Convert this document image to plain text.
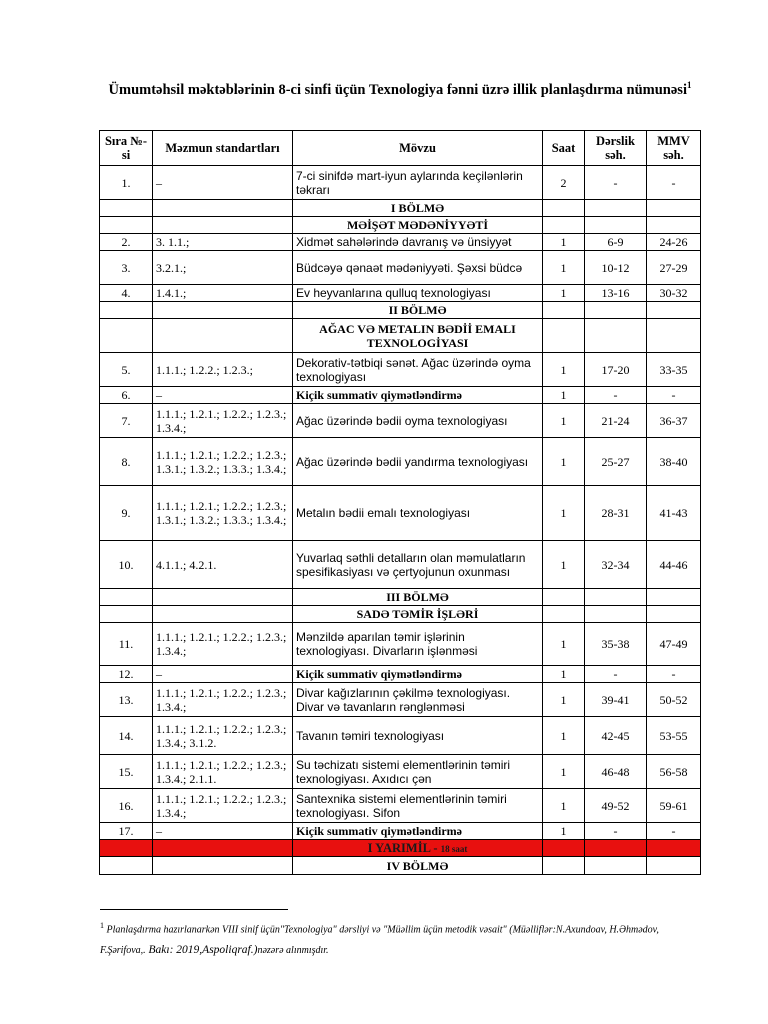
Ümumtəhsil məktəblərinin 8-ci sinfi üçün Texnologiya fənni üzrə illik planlaşdırma nümunəsi$^1$
Sıra №-si	Məzmun standartları	Mövzu	Saat	Dərslik səh.	MMV səh.
1.	–	7-ci sinifdə mart-iyun aylarında keçilənlərin təkrarı	2	-	-
		I BÖLMƏ			
		MƏİŞƏT MƏDƏNİYYƏTİ			
2.	3. 1.1.;	Xidmət sahələrində davranış və ünsiyyət	1	6-9	24-26
3.	3.2.1.;	Büdcəyə qənaət mədəniyyəti. Şəxsi büdcə	1	10-12	27-29
4.	1.4.1.;	Ev heyvanlarına qulluq texnologiyası	1	13-16	30-32
		II BÖLMƏ			
		AĞAC VƏ METALIN BƏDİİ EMALI TEXNOLOGİYASI			
5.	1.1.1.; 1.2.2.; 1.2.3.;	Dekorativ-tətbiqi sənət. Ağac üzərində oyma texnologiyası	1	17-20	33-35
6.	–	Kiçik summativ qiymətləndirmə	1	-	-
7.	1.1.1.; 1.2.1.; 1.2.2.; 1.2.3.; 1.3.4.;	Ağac üzərində bədii oyma texnologiyası	1	21-24	36-37
8.	1.1.1.; 1.2.1.; 1.2.2.; 1.2.3.; 1.3.1.; 1.3.2.; 1.3.3.; 1.3.4.;	Ağac üzərində bədii yandırma texnologiyası	1	25-27	38-40
9.	1.1.1.; 1.2.1.; 1.2.2.; 1.2.3.; 1.3.1.; 1.3.2.; 1.3.3.; 1.3.4.;	Metalın bədii emalı texnologiyası	1	28-31	41-43
10.	4.1.1.; 4.2.1.	Yuvarlaq səthli detalların olan məmulatların spesifikasiyası və çertyojunun oxunması	1	32-34	44-46
		III BÖLMƏ			
		SADƏ TƏMİR İŞLƏRİ			
11.	1.1.1.; 1.2.1.; 1.2.2.; 1.2.3.; 1.3.4.;	Mənzildə aparılan təmir işlərinin texnologiyası. Divarların işlənməsi	1	35-38	47-49
12.	–	Kiçik summativ qiymətləndirmə	1	-	-
13.	1.1.1.; 1.2.1.; 1.2.2.; 1.2.3.; 1.3.4.;	Divar kağızlarının çəkilmə texnologiyası. Divar və tavanların rənglənməsi	1	39-41	50-52
14.	1.1.1.; 1.2.1.; 1.2.2.; 1.2.3.; 1.3.4.; 3.1.2.	Tavanın təmiri texnologiyası	1	42-45	53-55
15.	1.1.1.; 1.2.1.; 1.2.2.; 1.2.3.; 1.3.4.; 2.1.1.	Su təchizatı sistemi elementlərinin təmiri texnologiyası. Axıdıcı çən	1	46-48	56-58
16.	1.1.1.; 1.2.1.; 1.2.2.; 1.2.3.; 1.3.4.;	Santexnika sistemi elementlərinin təmiri texnologiyası. Sifon	1	49-52	59-61
17.	–	Kiçik summativ qiymətləndirmə	1	-	-
		I YARIMİL - 18 saat			
		IV BÖLMƏ			
$^1$ Planlaşdırma hazırlanarkən VIII sinif üçün"Texnologiya" dərsliyi və "Müəllim üçün metodik vəsait" (Müəlliflər:N.Axundoav, H.Əhmədov, F.Şərifova,. Bakı: 2019,Aspoliqraf.)nəzərə alınmışdır.
